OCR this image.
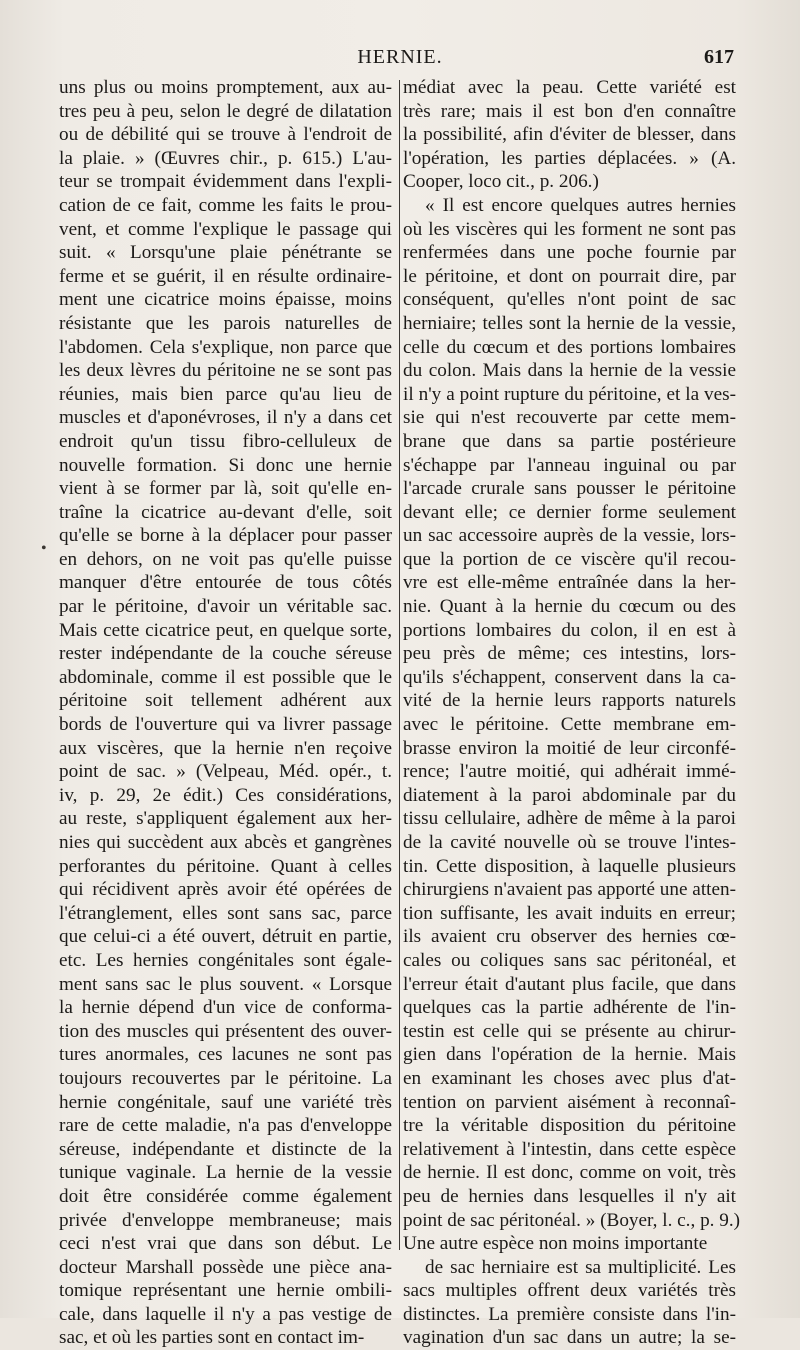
HERNIE.	617
•
uns plus ou moins promptement, aux au-
tres peu à peu, selon le degré de dilatation
ou de débilité qui se trouve à l'endroit de
la plaie. » (Œuvres chir., p. 615.) L'au-
teur se trompait évidemment dans l'expli-
cation de ce fait, comme les faits le prou-
vent, et comme l'explique le passage qui
suit. « Lorsqu'une plaie pénétrante se
ferme et se guérit, il en résulte ordinaire-
ment une cicatrice moins épaisse, moins
résistante que les parois naturelles de
l'abdomen. Cela s'explique, non parce que
les deux lèvres du péritoine ne se sont pas
réunies, mais bien parce qu'au lieu de
muscles et d'aponévroses, il n'y a dans cet
endroit qu'un tissu fibro-celluleux de
nouvelle formation. Si donc une hernie
vient à se former par là, soit qu'elle en-
traîne la cicatrice au-devant d'elle, soit
qu'elle se borne à la déplacer pour passer
en dehors, on ne voit pas qu'elle puisse
manquer d'être entourée de tous côtés
par le péritoine, d'avoir un véritable sac.
Mais cette cicatrice peut, en quelque sorte,
rester indépendante de la couche séreuse
abdominale, comme il est possible que le
péritoine soit tellement adhérent aux
bords de l'ouverture qui va livrer passage
aux viscères, que la hernie n'en reçoive
point de sac. » (Velpeau, Méd. opér., t.
iv, p. 29, 2e édit.) Ces considérations,
au reste, s'appliquent également aux her-
nies qui succèdent aux abcès et gangrènes
perforantes du péritoine. Quant à celles
qui récidivent après avoir été opérées de
l'étranglement, elles sont sans sac, parce
que celui-ci a été ouvert, détruit en partie,
etc. Les hernies congénitales sont égale-
ment sans sac le plus souvent. « Lorsque
la hernie dépend d'un vice de conforma-
tion des muscles qui présentent des ouver-
tures anormales, ces lacunes ne sont pas
toujours recouvertes par le péritoine. La
hernie congénitale, sauf une variété très
rare de cette maladie, n'a pas d'enveloppe
séreuse, indépendante et distincte de la
tunique vaginale. La hernie de la vessie
doit être considérée comme également
privée d'enveloppe membraneuse; mais
ceci n'est vrai que dans son début. Le
docteur Marshall possède une pièce ana-
tomique représentant une hernie ombili-
cale, dans laquelle il n'y a pas vestige de
sac, et où les parties sont en contact im-
médiat avec la peau. Cette variété est
très rare; mais il est bon d'en connaître
la possibilité, afin d'éviter de blesser, dans
l'opération, les parties déplacées. » (A.
Cooper, loco cit., p. 206.)
« Il est encore quelques autres hernies
où les viscères qui les forment ne sont pas
renfermées dans une poche fournie par
le péritoine, et dont on pourrait dire, par
conséquent, qu'elles n'ont point de sac
herniaire; telles sont la hernie de la vessie,
celle du cœcum et des portions lombaires
du colon. Mais dans la hernie de la vessie
il n'y a point rupture du péritoine, et la ves-
sie qui n'est recouverte par cette mem-
brane que dans sa partie postérieure
s'échappe par l'anneau inguinal ou par
l'arcade crurale sans pousser le péritoine
devant elle; ce dernier forme seulement
un sac accessoire auprès de la vessie, lors-
que la portion de ce viscère qu'il recou-
vre est elle-même entraînée dans la her-
nie. Quant à la hernie du cœcum ou des
portions lombaires du colon, il en est à
peu près de même; ces intestins, lors-
qu'ils s'échappent, conservent dans la ca-
vité de la hernie leurs rapports naturels
avec le péritoine. Cette membrane em-
brasse environ la moitié de leur circonfé-
rence; l'autre moitié, qui adhérait immé-
diatement à la paroi abdominale par du
tissu cellulaire, adhère de même à la paroi
de la cavité nouvelle où se trouve l'intes-
tin. Cette disposition, à laquelle plusieurs
chirurgiens n'avaient pas apporté une atten-
tion suffisante, les avait induits en erreur;
ils avaient cru observer des hernies cœ-
cales ou coliques sans sac péritonéal, et
l'erreur était d'autant plus facile, que dans
quelques cas la partie adhérente de l'in-
testin est celle qui se présente au chirur-
gien dans l'opération de la hernie. Mais
en examinant les choses avec plus d'at-
tention on parvient aisément à reconnaî-
tre la véritable disposition du péritoine
relativement à l'intestin, dans cette espèce
de hernie. Il est donc, comme on voit, très
peu de hernies dans lesquelles il n'y ait
point de sac péritonéal. » (Boyer, l. c., p. 9.)
Une autre espèce non moins importante
de sac herniaire est sa multiplicité. Les
sacs multiples offrent deux variétés très
distinctes. La première consiste dans l'in-
vagination d'un sac dans un autre; la se-
